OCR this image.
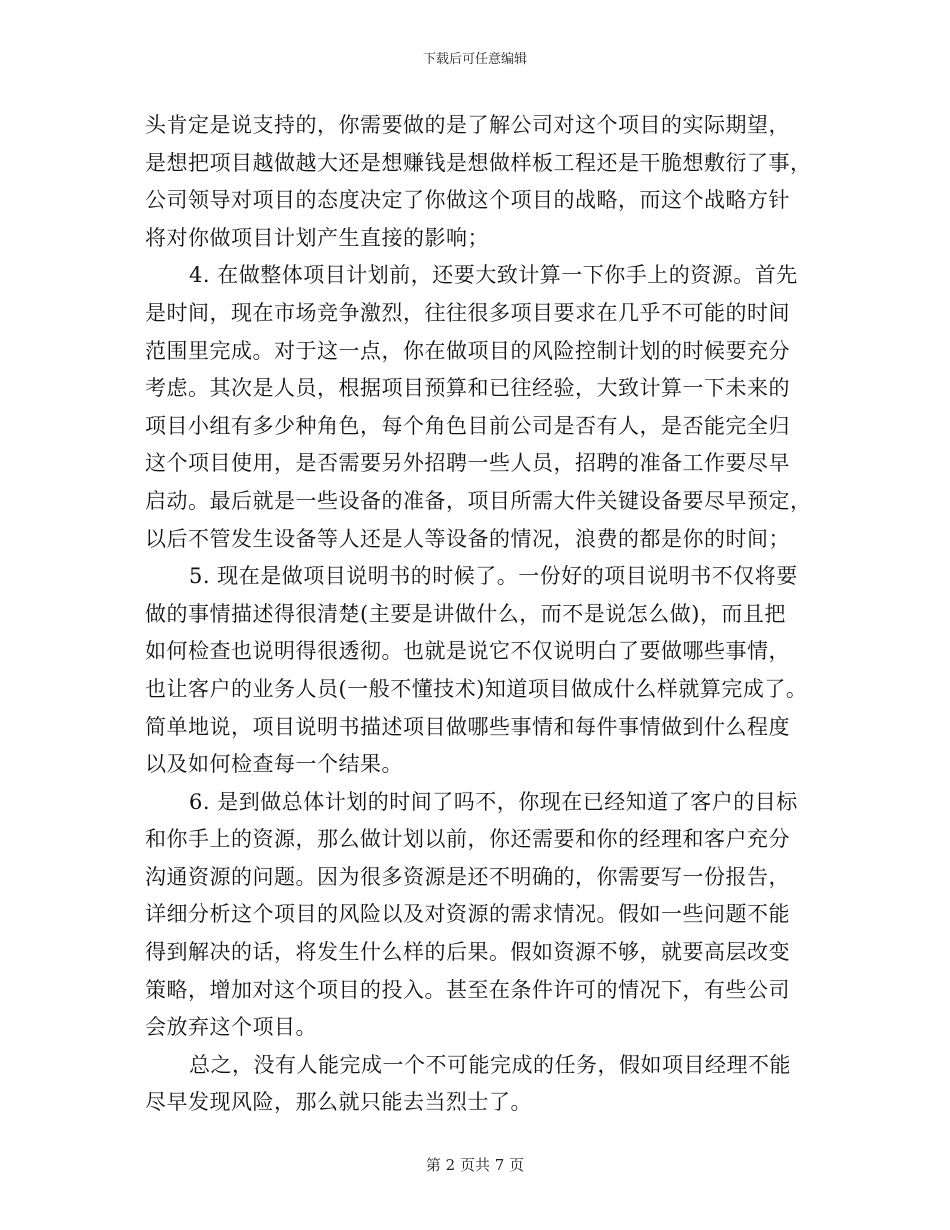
下载后可任意编辑
头肯定是说支持的，你需要做的是了解公司对这个项目的实际期望，
是想把项目越做越大还是想赚钱是想做样板工程还是干脆想敷衍了事，
公司领导对项目的态度决定了你做这个项目的战略，而这个战略方针
将对你做项目计划产生直接的影响；
4. 在做整体项目计划前，还要大致计算一下你手上的资源。首先
是时间，现在市场竞争激烈，往往很多项目要求在几乎不可能的时间
范围里完成。对于这一点，你在做项目的风险控制计划的时候要充分
考虑。其次是人员，根据项目预算和已往经验，大致计算一下未来的
项目小组有多少种角色，每个角色目前公司是否有人，是否能完全归
这个项目使用，是否需要另外招聘一些人员，招聘的准备工作要尽早
启动。最后就是一些设备的准备，项目所需大件关键设备要尽早预定，
以后不管发生设备等人还是人等设备的情况，浪费的都是你的时间；
5. 现在是做项目说明书的时候了。一份好的项目说明书不仅将要
做的事情描述得很清楚(主要是讲做什么，而不是说怎么做)，而且把
如何检查也说明得很透彻。也就是说它不仅说明白了要做哪些事情，
也让客户的业务人员(一般不懂技术)知道项目做成什么样就算完成了。
简单地说，项目说明书描述项目做哪些事情和每件事情做到什么程度
以及如何检查每一个结果。
6. 是到做总体计划的时间了吗不，你现在已经知道了客户的目标
和你手上的资源，那么做计划以前，你还需要和你的经理和客户充分
沟通资源的问题。因为很多资源是还不明确的，你需要写一份报告，
详细分析这个项目的风险以及对资源的需求情况。假如一些问题不能
得到解决的话，将发生什么样的后果。假如资源不够，就要高层改变
策略，增加对这个项目的投入。甚至在条件许可的情况下，有些公司
会放弃这个项目。
总之，没有人能完成一个不可能完成的任务，假如项目经理不能
尽早发现风险，那么就只能去当烈士了。
第 2 页共 7 页
